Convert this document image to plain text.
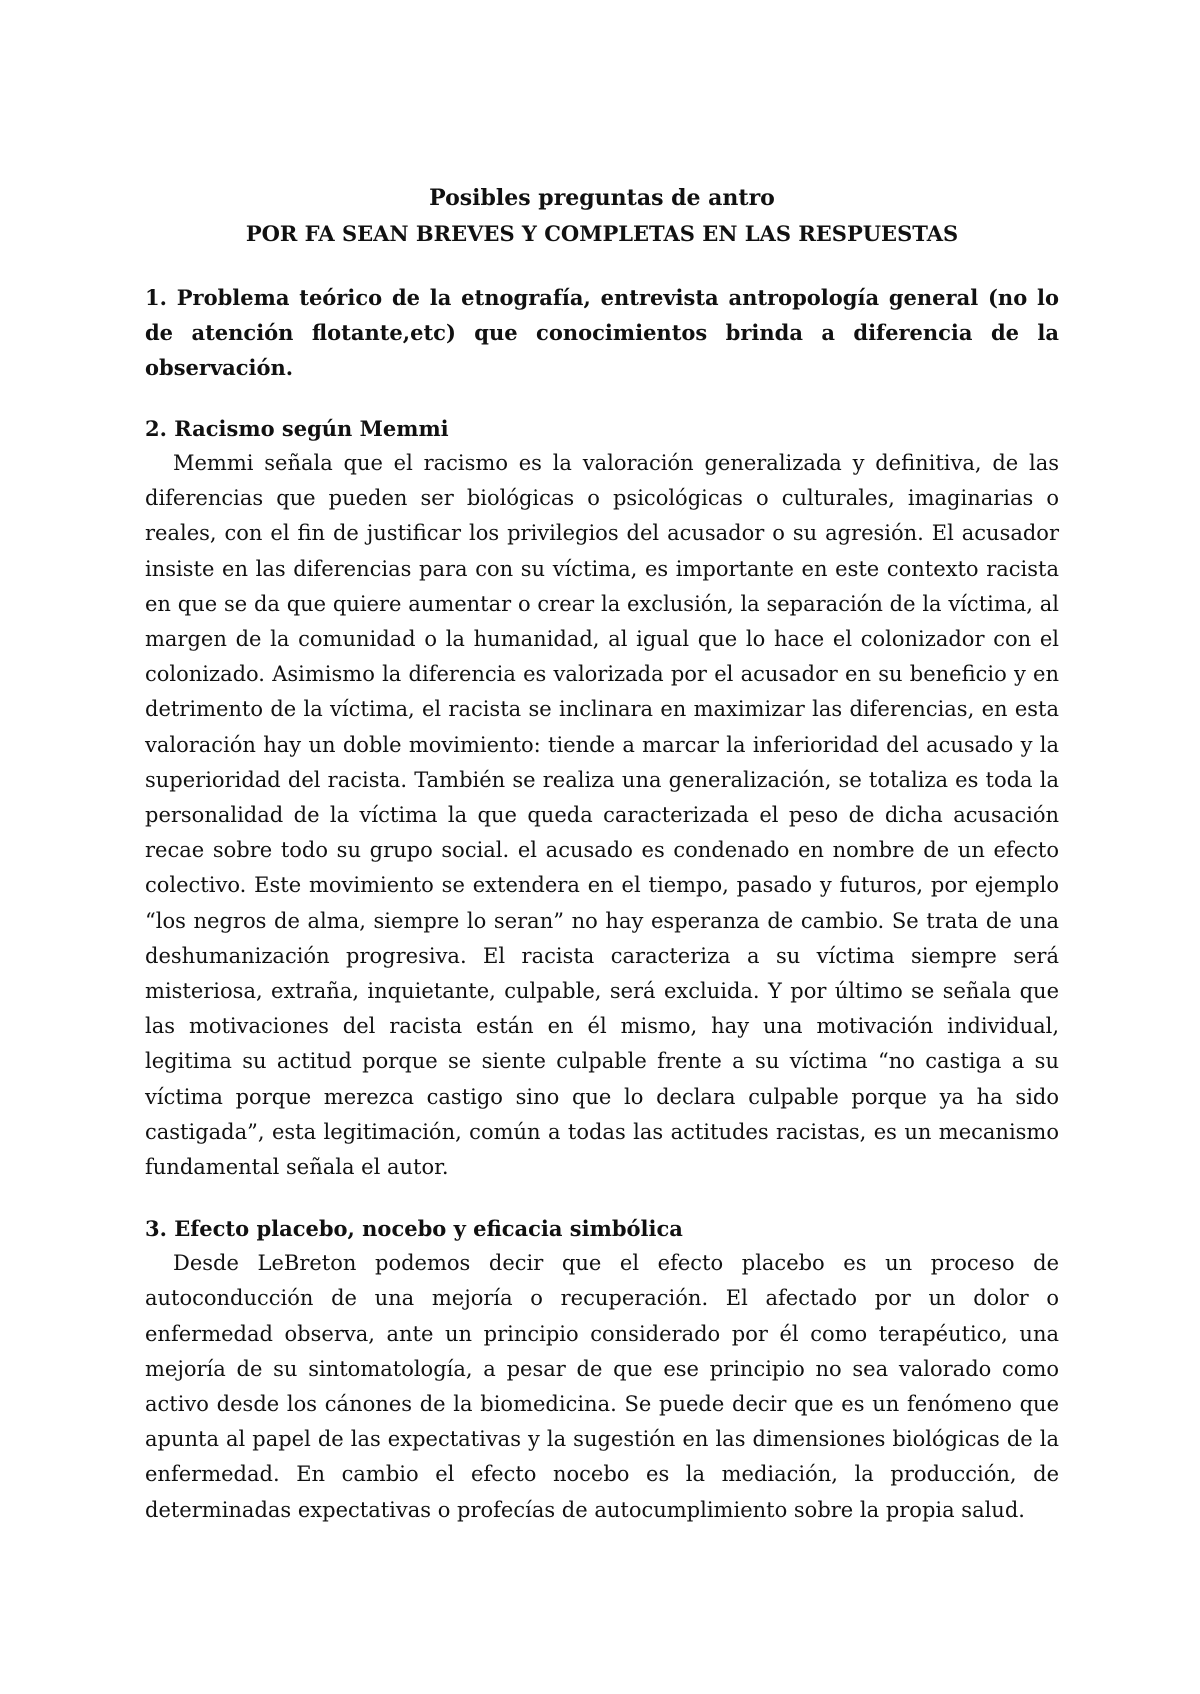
Posibles preguntas de antro

POR FA SEAN BREVES Y COMPLETAS EN LAS RESPUESTAS

1. Problema teórico de la etnografía, entrevista antropología general (no lo de atención flotante,etc) que conocimientos brinda a diferencia de la observación.

2. Racismo según Memmi

Memmi señala que el racismo es la valoración generalizada y definitiva, de las diferencias que pueden ser biológicas o psicológicas o culturales, imaginarias o reales, con el fin de justificar los privilegios del acusador o su agresión. El acusador insiste en las diferencias para con su víctima, es importante en este contexto racista en que se da que quiere aumentar o crear la exclusión, la separación de la víctima, al margen de la comunidad o la humanidad, al igual que lo hace el colonizador con el colonizado. Asimismo la diferencia es valorizada por el acusador en su beneficio y en detrimento de la víctima, el racista se inclinara en maximizar las diferencias, en esta valoración hay un doble movimiento: tiende a marcar la inferioridad del acusado y la superioridad del racista. También se realiza una generalización, se totaliza es toda la personalidad de la víctima la que queda caracterizada el peso de dicha acusación recae sobre todo su grupo social. el acusado es condenado en nombre de un efecto colectivo. Este movimiento se extendera en el tiempo, pasado y futuros, por ejemplo “los negros de alma, siempre lo seran” no hay esperanza de cambio. Se trata de una deshumanización progresiva. El racista caracteriza a su víctima siempre será misteriosa, extraña, inquietante, culpable, será excluida. Y por último se señala que las motivaciones del racista están en él mismo, hay una motivación individual, legitima su actitud porque se siente culpable frente a su víctima “no castiga a su víctima porque merezca castigo sino que lo declara culpable porque ya ha sido castigada”, esta legitimación, común a todas las actitudes racistas, es un mecanismo fundamental señala el autor.

3. Efecto placebo, nocebo y eficacia simbólica

Desde LeBreton podemos decir que el efecto placebo es un proceso de autoconducción de una mejoría o recuperación. El afectado por un dolor o enfermedad observa, ante un principio considerado por él como terapéutico, una mejoría de su sintomatología, a pesar de que ese principio no sea valorado como activo desde los cánones de la biomedicina. Se puede decir que es un fenómeno que apunta al papel de las expectativas y la sugestión en las dimensiones biológicas de la enfermedad. En cambio el efecto nocebo es la mediación, la producción, de determinadas expectativas o profecías de autocumplimiento sobre la propia salud.
